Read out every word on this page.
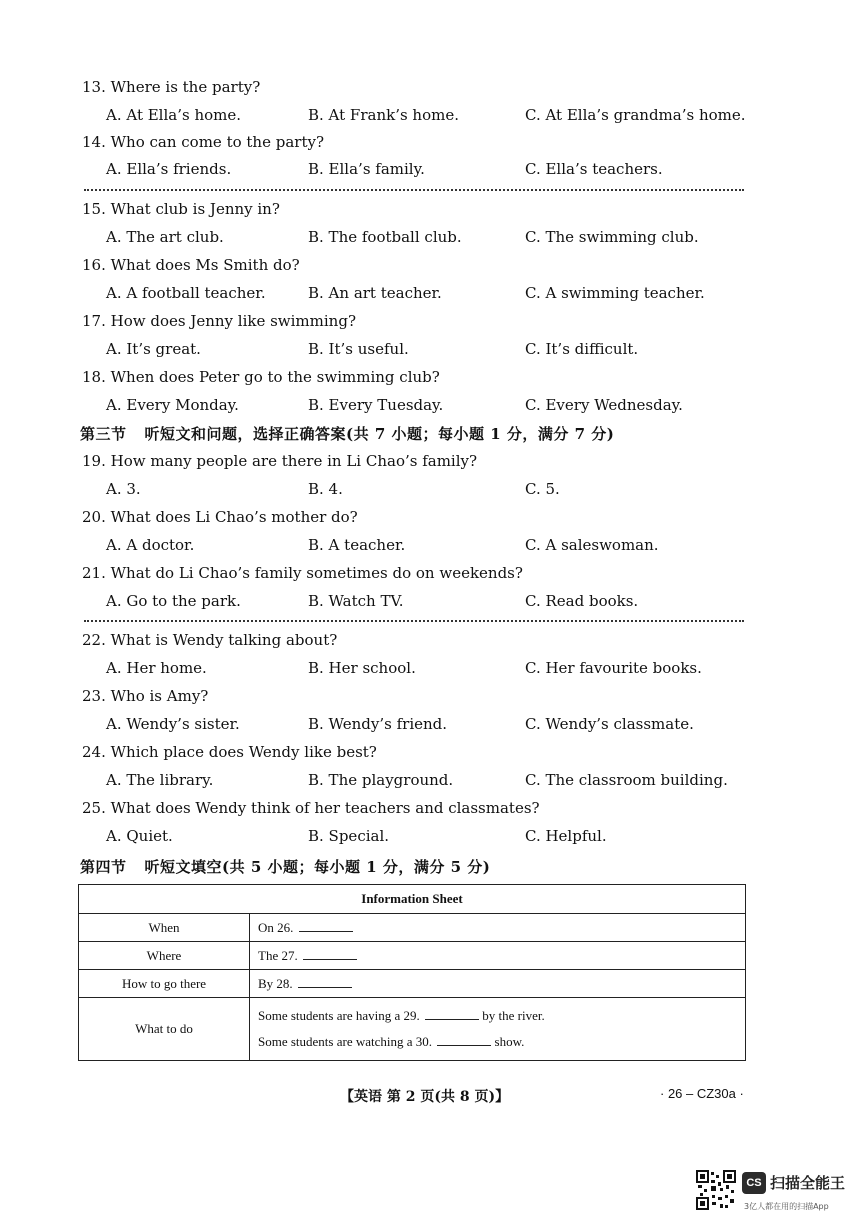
13. Where is the party?
A. At Ella’s home.	B. At Frank’s home.	C. At Ella’s grandma’s home.
14. Who can come to the party?
A. Ella’s friends.	B. Ella’s family.	C. Ella’s teachers.
15. What club is Jenny in?
A. The art club.	B. The football club.	C. The swimming club.
16. What does Ms Smith do?
A. A football teacher.	B. An art teacher.	C. A swimming teacher.
17. How does Jenny like swimming?
A. It’s great.	B. It’s useful.	C. It’s difficult.
18. When does Peter go to the swimming club?
A. Every Monday.	B. Every Tuesday.	C. Every Wednesday.
第三节 听短文和问题，选择正确答案(共 7 小题；每小题 1 分，满分 7 分)
19. How many people are there in Li Chao’s family?
A. 3.	B. 4.	C. 5.
20. What does Li Chao’s mother do?
A. A doctor.	B. A teacher.	C. A saleswoman.
21. What do Li Chao’s family sometimes do on weekends?
A. Go to the park.	B. Watch TV.	C. Read books.
22. What is Wendy talking about?
A. Her home.	B. Her school.	C. Her favourite books.
23. Who is Amy?
A. Wendy’s sister.	B. Wendy’s friend.	C. Wendy’s classmate.
24. Which place does Wendy like best?
A. The library.	B. The playground.	C. The classroom building.
25. What does Wendy think of her teachers and classmates?
A. Quiet.	B. Special.	C. Helpful.
第四节 听短文填空(共 5 小题；每小题 1 分，满分 5 分)
Information Sheet	
When	On 26.
Where	The 27.
How to go there	By 28.
What to do	Some students are having a 29. by the river.
Some students are watching a 30. show.
【英语 第 2 页(共 8 页)】	· 26 – CZ30a ·
CS 扫描全能王
3亿人都在用的扫描App
